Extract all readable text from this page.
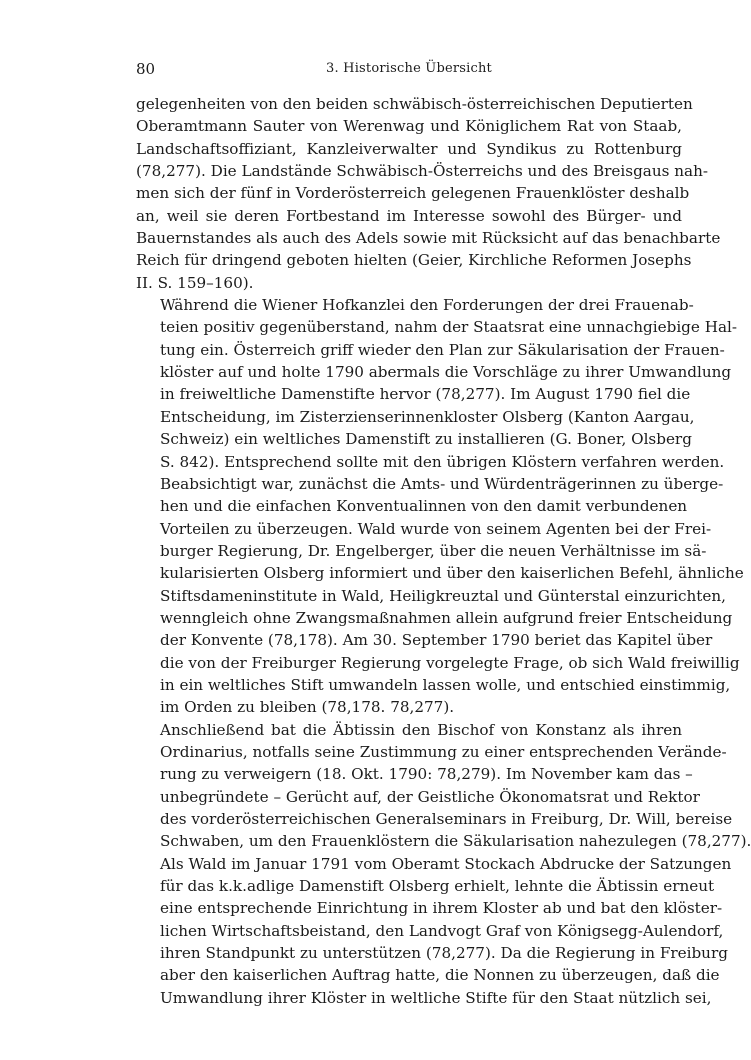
80	3. Historische Übersicht

gelegenheiten von den beiden schwäbisch-österreichischen Deputierten
Oberamtmann Sauter von Werenwag und Königlichem Rat von Staab,
Landschaftsoffiziant, Kanzleiverwalter und Syndikus zu Rottenburg
(78,277). Die Landstände Schwäbisch-Österreichs und des Breisgaus nah-
men sich der fünf in Vorderösterreich gelegenen Frauenklöster deshalb
an, weil sie deren Fortbestand im Interesse sowohl des Bürger- und
Bauernstandes als auch des Adels sowie mit Rücksicht auf das benachbarte
Reich für dringend geboten hielten (Geier, Kirchliche Reformen Josephs
II. S. 159–160).

Während die Wiener Hofkanzlei den Forderungen der drei Frauenab-
teien positiv gegenüberstand, nahm der Staatsrat eine unnachgiebige Hal-
tung ein. Österreich griff wieder den Plan zur Säkularisation der Frauen-
klöster auf und holte 1790 abermals die Vorschläge zu ihrer Umwandlung
in freiweltliche Damenstifte hervor (78,277). Im August 1790 fiel die
Entscheidung, im Zisterzienserinnenkloster Olsberg (Kanton Aargau,
Schweiz) ein weltliches Damenstift zu installieren (G. Boner, Olsberg
S. 842). Entsprechend sollte mit den übrigen Klöstern verfahren werden.
Beabsichtigt war, zunächst die Amts- und Würdenträgerinnen zu überge-
hen und die einfachen Konventualinnen von den damit verbundenen
Vorteilen zu überzeugen. Wald wurde von seinem Agenten bei der Frei-
burger Regierung, Dr. Engelberger, über die neuen Verhältnisse im sä-
kularisierten Olsberg informiert und über den kaiserlichen Befehl, ähnliche
Stiftsdameninstitute in Wald, Heiligkreuztal und Günterstal einzurichten,
wenngleich ohne Zwangsmaßnahmen allein aufgrund freier Entscheidung
der Konvente (78,178). Am 30. September 1790 beriet das Kapitel über
die von der Freiburger Regierung vorgelegte Frage, ob sich Wald freiwillig
in ein weltliches Stift umwandeln lassen wolle, und entschied einstimmig,
im Orden zu bleiben (78,178. 78,277).

Anschließend bat die Äbtissin den Bischof von Konstanz als ihren
Ordinarius, notfalls seine Zustimmung zu einer entsprechenden Verände-
rung zu verweigern (18. Okt. 1790: 78,279). Im November kam das –
unbegründete – Gerücht auf, der Geistliche Ökonomatsrat und Rektor
des vorderösterreichischen Generalseminars in Freiburg, Dr. Will, bereise
Schwaben, um den Frauenklöstern die Säkularisation nahezulegen (78,277).
Als Wald im Januar 1791 vom Oberamt Stockach Abdrucke der Satzungen
für das k.k.adlige Damenstift Olsberg erhielt, lehnte die Äbtissin erneut
eine entsprechende Einrichtung in ihrem Kloster ab und bat den klöster-
lichen Wirtschaftsbeistand, den Landvogt Graf von Königsegg-Aulendorf,
ihren Standpunkt zu unterstützen (78,277). Da die Regierung in Freiburg
aber den kaiserlichen Auftrag hatte, die Nonnen zu überzeugen, daß die
Umwandlung ihrer Klöster in weltliche Stifte für den Staat nützlich sei,
